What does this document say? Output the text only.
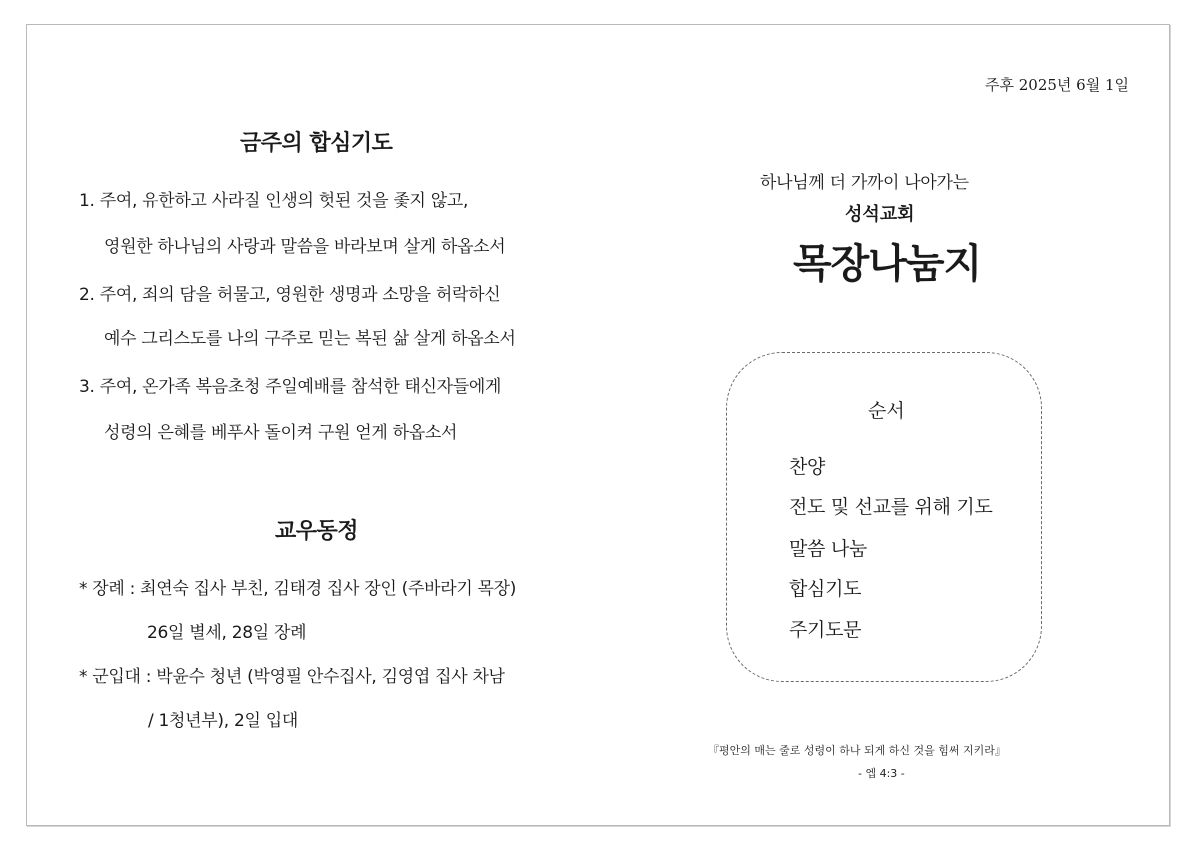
주후 2025년 6월 1일
금주의 합심기도
1. 주여, 유한하고 사라질 인생의 헛된 것을 좇지 않고,
영원한 하나님의 사랑과 말씀을 바라보며 살게 하옵소서
2. 주여, 죄의 담을 허물고, 영원한 생명과 소망을 허락하신
예수 그리스도를 나의 구주로 믿는 복된 삶 살게 하옵소서
3. 주여, 온가족 복음초청 주일예배를 참석한 태신자들에게
성령의 은혜를 베푸사 돌이켜 구원 얻게 하옵소서
교우동정
* 장례 : 최연숙 집사 부친, 김태경 집사 장인 (주바라기 목장)
26일 별세, 28일 장례
* 군입대 : 박윤수 청년 (박영필 안수집사, 김영엽 집사 차남
/ 1청년부), 2일 입대
하나님께 더 가까이 나아가는
성석교회
목장나눔지
순서
찬양
전도 및 선교를 위해 기도
말씀 나눔
합심기도
주기도문
『평안의 매는 줄로 성령이 하나 되게 하신 것을 힘써 지키라』
- 엡 4:3 -
